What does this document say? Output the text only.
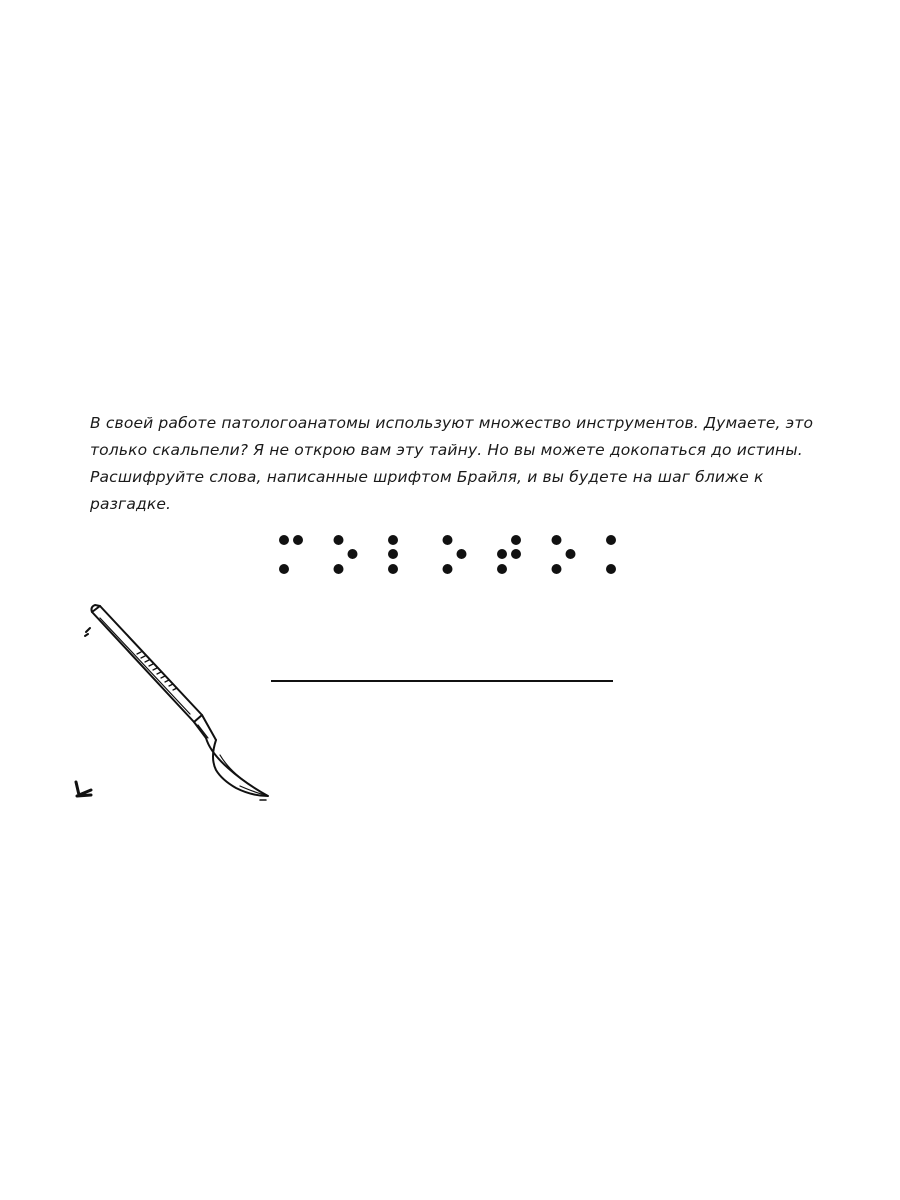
В своей работе патологоанатомы используют множество инструментов. Думаете, это только скальпели? Я не открою вам эту тайну. Но вы можете докопаться до истины. Расшифруйте слова, написанные шрифтом Брайля, и вы будете на шаг ближе к разгадке.
